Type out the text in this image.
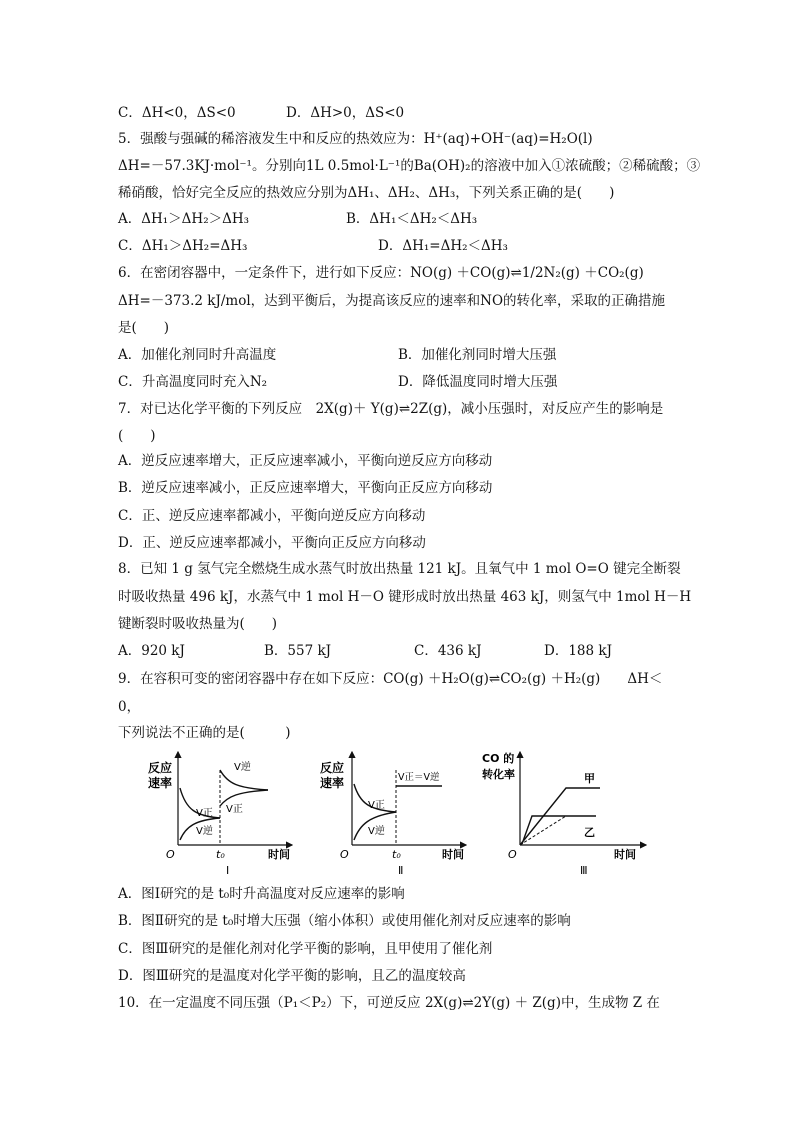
C．ΔH<0，ΔS<0	D．ΔH>0，ΔS<0
5．强酸与强碱的稀溶液发生中和反应的热效应为：H⁺(aq)+OH⁻(aq)=H₂O(l)
ΔH=－57.3KJ·mol⁻¹。分别向1L 0.5mol·L⁻¹的Ba(OH)₂的溶液中加入①浓硫酸；②稀硫酸；③
稀硝酸，恰好完全反应的热效应分别为ΔH₁、ΔH₂、ΔH₃，下列关系正确的是(　　)
A．ΔH₁＞ΔH₂＞ΔH₃	B．ΔH₁＜ΔH₂＜ΔH₃
C．ΔH₁＞ΔH₂=ΔH₃	D．ΔH₁=ΔH₂＜ΔH₃
6．在密闭容器中，一定条件下，进行如下反应：NO(g) ＋CO(g)⇌1/2N₂(g) ＋CO₂(g)
ΔH=－373.2 kJ/mol，达到平衡后，为提高该反应的速率和NO的转化率，采取的正确措施
是(　　)
A．加催化剂同时升高温度	B．加催化剂同时增大压强
C．升高温度同时充入N₂	D．降低温度同时增大压强
7．对已达化学平衡的下列反应　2X(g)＋ Y(g)⇌2Z(g)，减小压强时，对反应产生的影响是
(　　)
A．逆反应速率增大，正反应速率减小，平衡向逆反应方向移动
B．逆反应速率减小，正反应速率增大，平衡向正反应方向移动
C．正、逆反应速率都减小，平衡向逆反应方向移动
D．正、逆反应速率都减小，平衡向正反应方向移动
8．已知 1 g 氢气完全燃烧生成水蒸气时放出热量 121 kJ。且氧气中 1 mol O=O 键完全断裂
时吸收热量 496 kJ，水蒸气中 1 mol H－O 键形成时放出热量 463 kJ，则氢气中 1mol H－H
键断裂时吸收热量为(　　)
A．920 kJ	B．557 kJ	C．436 kJ	D．188 kJ
9．在容积可变的密闭容器中存在如下反应：CO(g) ＋H₂O(g)⇌CO₂(g) ＋H₂(g)　　ΔH＜
0，
下列说法不正确的是(　　　)
反应
速率
V正
V逆
V逆
V正
O	t₀	时间
Ⅰ
反应
速率
V正
V逆
V正＝V逆
O	t₀	时间
Ⅱ
CO 的
转化率	甲
乙
O	时间
Ⅲ
A．图Ⅰ研究的是 t₀时升高温度对反应速率的影响
B．图Ⅱ研究的是 t₀时增大压强（缩小体积）或使用催化剂对反应速率的影响
C．图Ⅲ研究的是催化剂对化学平衡的影响，且甲使用了催化剂
D．图Ⅲ研究的是温度对化学平衡的影响，且乙的温度较高
10．在一定温度不同压强（P₁＜P₂）下，可逆反应 2X(g)⇌2Y(g) ＋ Z(g)中，生成物 Z 在
